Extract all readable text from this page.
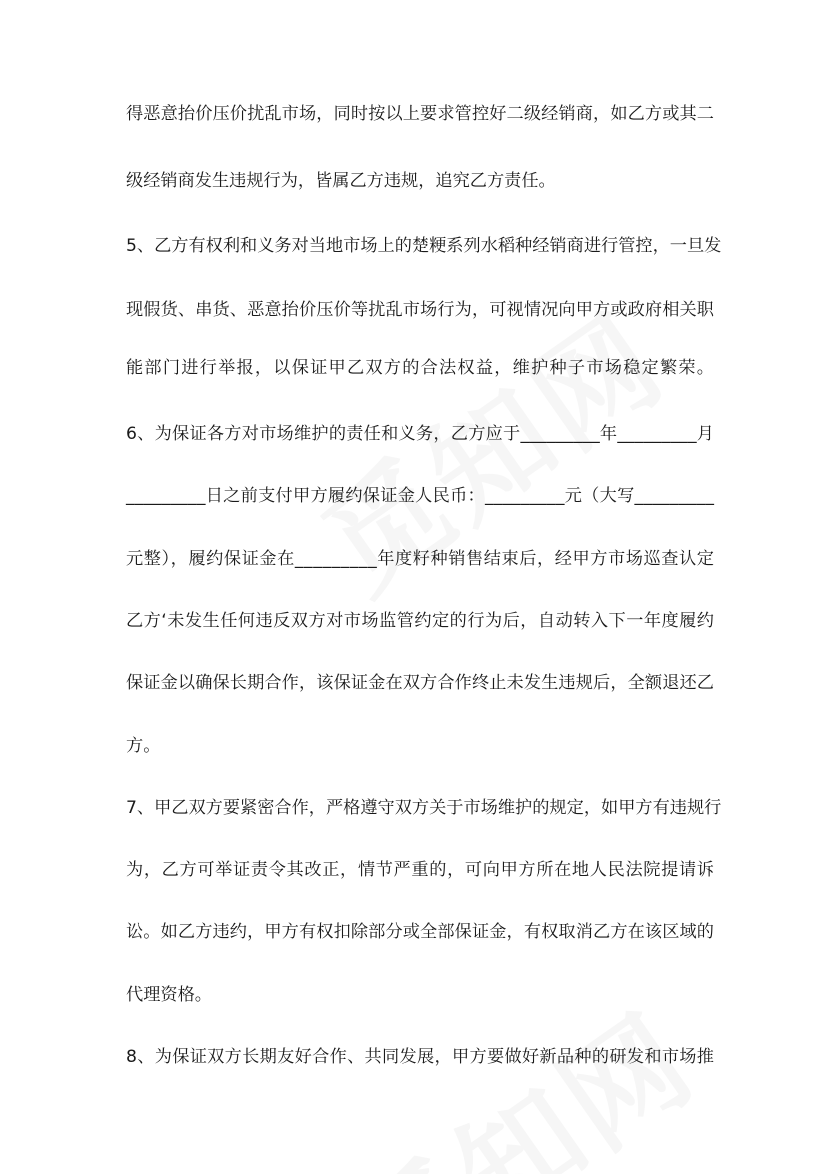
得恶意抬价压价扰乱市场，同时按以上要求管控好二级经销商，如乙方或其二
级经销商发生违规行为，皆属乙方违规，追究乙方责任。
5、乙方有权利和义务对当地市场上的楚粳系列水稻种经销商进行管控，一旦发
现假货、串货、恶意抬价压价等扰乱市场行为，可视情况向甲方或政府相关职
能部门进行举报，以保证甲乙双方的合法权益，维护种子市场稳定繁荣。
6、为保证各方对市场维护的责任和义务，乙方应于_________年_________月
_________日之前支付甲方履约保证金人民币：_________元（大写_________
元整），履约保证金在_________年度籽种销售结束后，经甲方市场巡查认定
乙方‘未发生任何违反双方对市场监管约定的行为后，自动转入下一年度履约
保证金以确保长期合作，该保证金在双方合作终止未发生违规后，全额退还乙
方。
7、甲乙双方要紧密合作，严格遵守双方关于市场维护的规定，如甲方有违规行
为，乙方可举证责令其改正，情节严重的，可向甲方所在地人民法院提请诉
讼。如乙方违约，甲方有权扣除部分或全部保证金，有权取消乙方在该区域的
代理资格。
8、为保证双方长期友好合作、共同发展，甲方要做好新品种的研发和市场推
